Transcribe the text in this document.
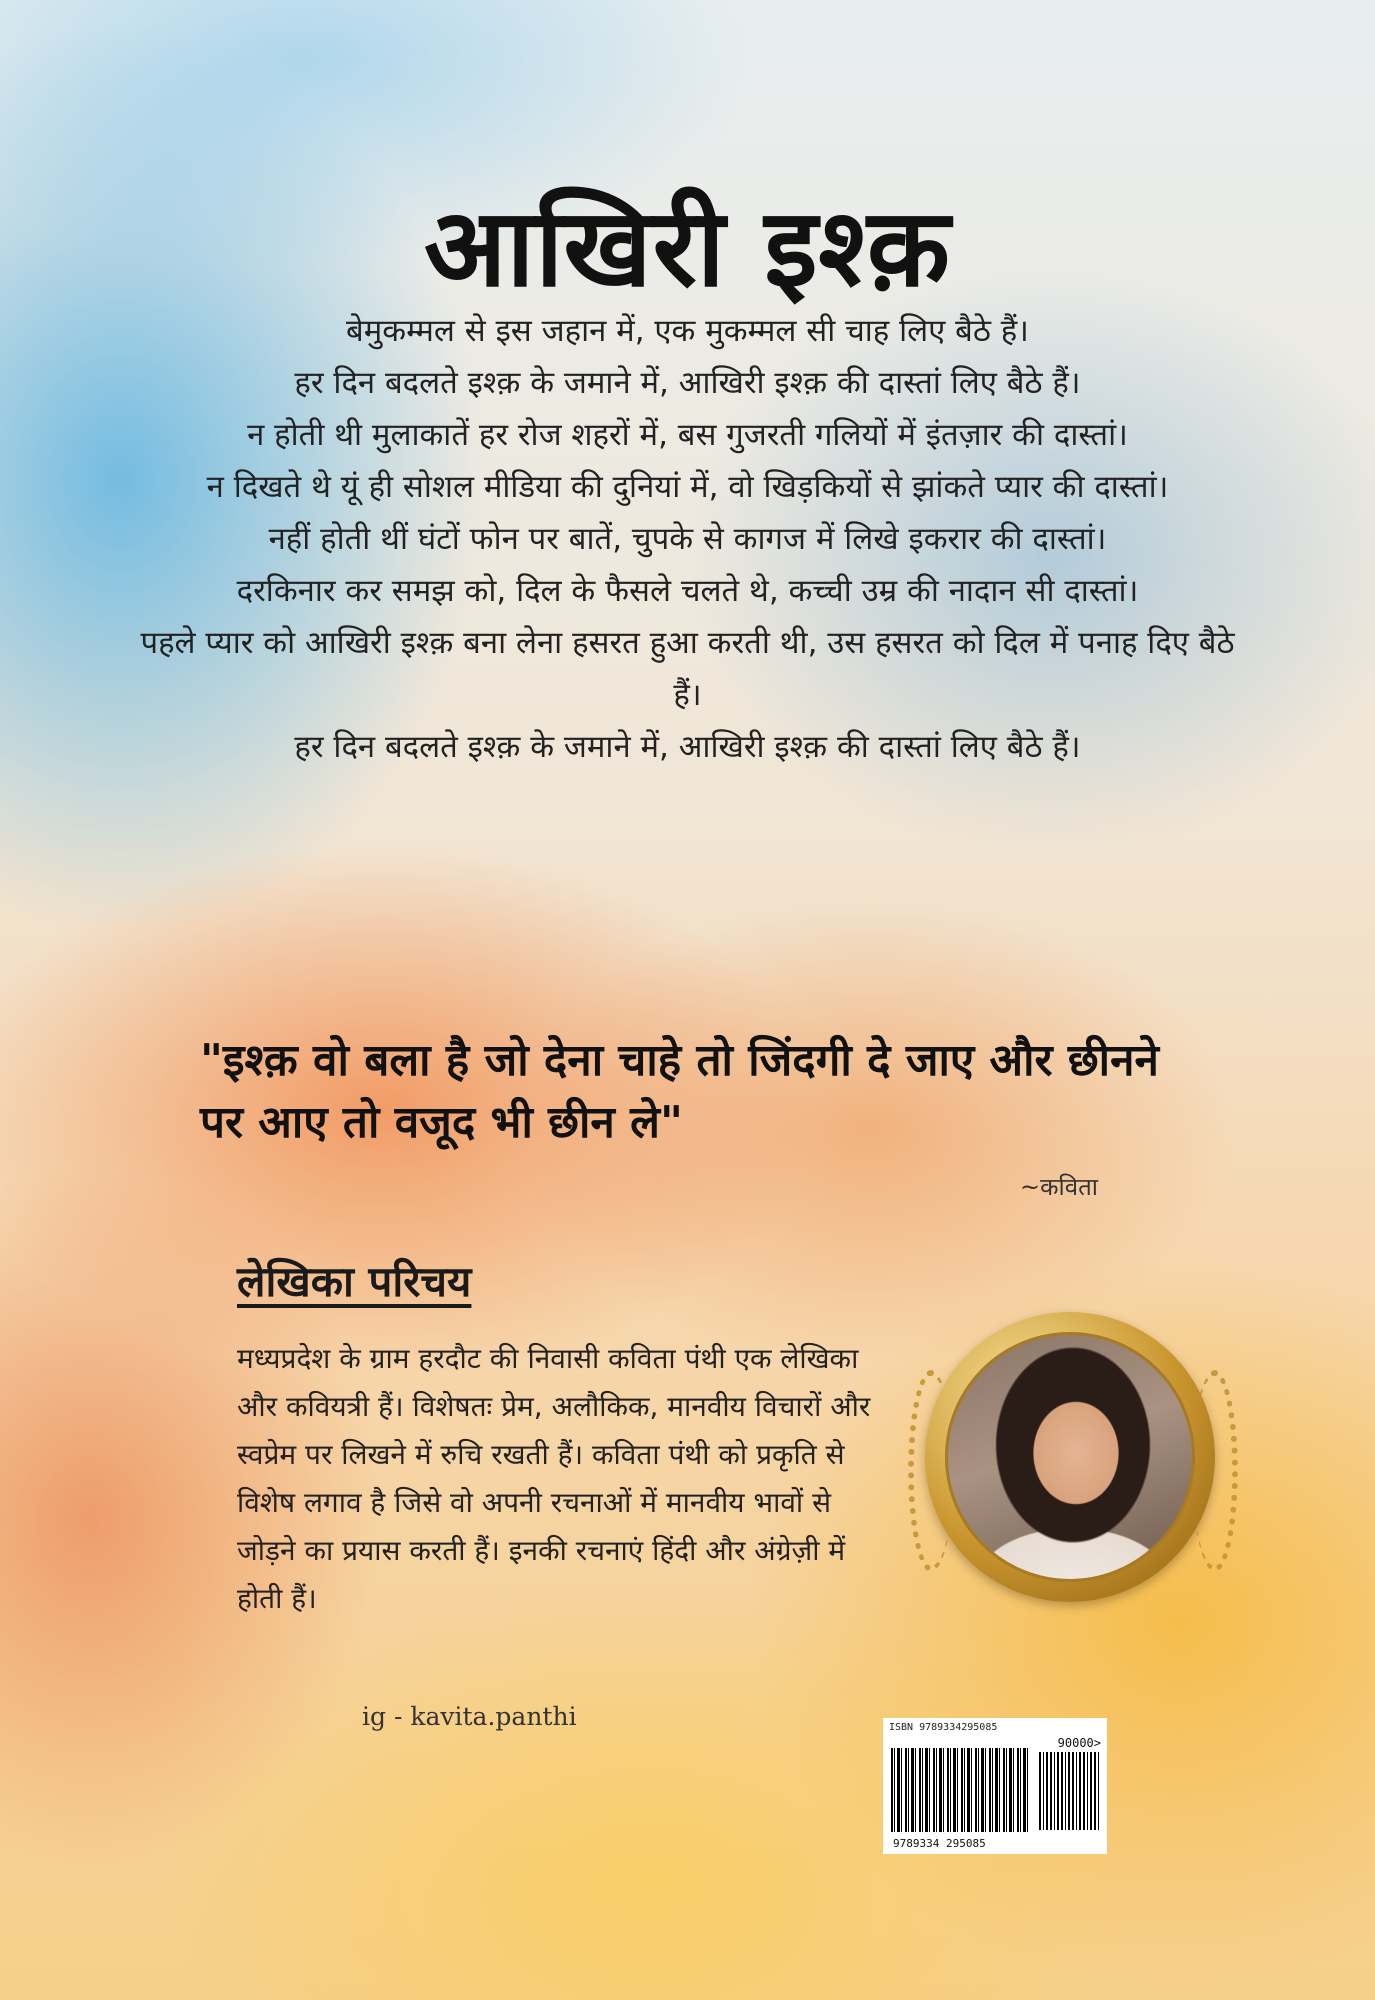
आखिरी इश्क़

बेमुकम्मल से इस जहान में, एक मुकम्मल सी चाह लिए बैठे हैं।

हर दिन बदलते इश्क़ के जमाने में, आखिरी इश्क़ की दास्तां लिए बैठे हैं।

न होती थी मुलाकातें हर रोज शहरों में, बस गुजरती गलियों में इंतज़ार की दास्तां।

न दिखते थे यूं ही सोशल मीडिया की दुनियां में, वो खिड़कियों से झांकते प्यार की दास्तां।

नहीं होती थीं घंटों फोन पर बातें, चुपके से कागज में लिखे इकरार की दास्तां।

दरकिनार कर समझ को, दिल के फैसले चलते थे, कच्ची उम्र की नादान सी दास्तां।

पहले प्यार को आखिरी इश्क़ बना लेना हसरत हुआ करती थी, उस हसरत को दिल में पनाह दिए बैठे हैं।

हर दिन बदलते इश्क़ के जमाने में, आखिरी इश्क़ की दास्तां लिए बैठे हैं।

"इश्क़ वो बला है जो देना चाहे तो जिंदगी दे जाए और छीनने पर आए तो वजूद भी छीन ले"
~कविता
लेखिका परिचय
मध्यप्रदेश के ग्राम हरदौट की निवासी कविता पंथी एक लेखिका और कवियत्री हैं। विशेषतः प्रेम, अलौकिक, मानवीय विचारों और स्वप्रेम पर लिखने में रुचि रखती हैं। कविता पंथी को प्रकृति से विशेष लगाव है जिसे वो अपनी रचनाओं में मानवीय भावों से जोड़ने का प्रयास करती हैं। इनकी रचनाएं हिंदी और अंग्रेज़ी में होती हैं।
ig - kavita.panthi	ISBN 9789334295085
90000>
9789334 295085
